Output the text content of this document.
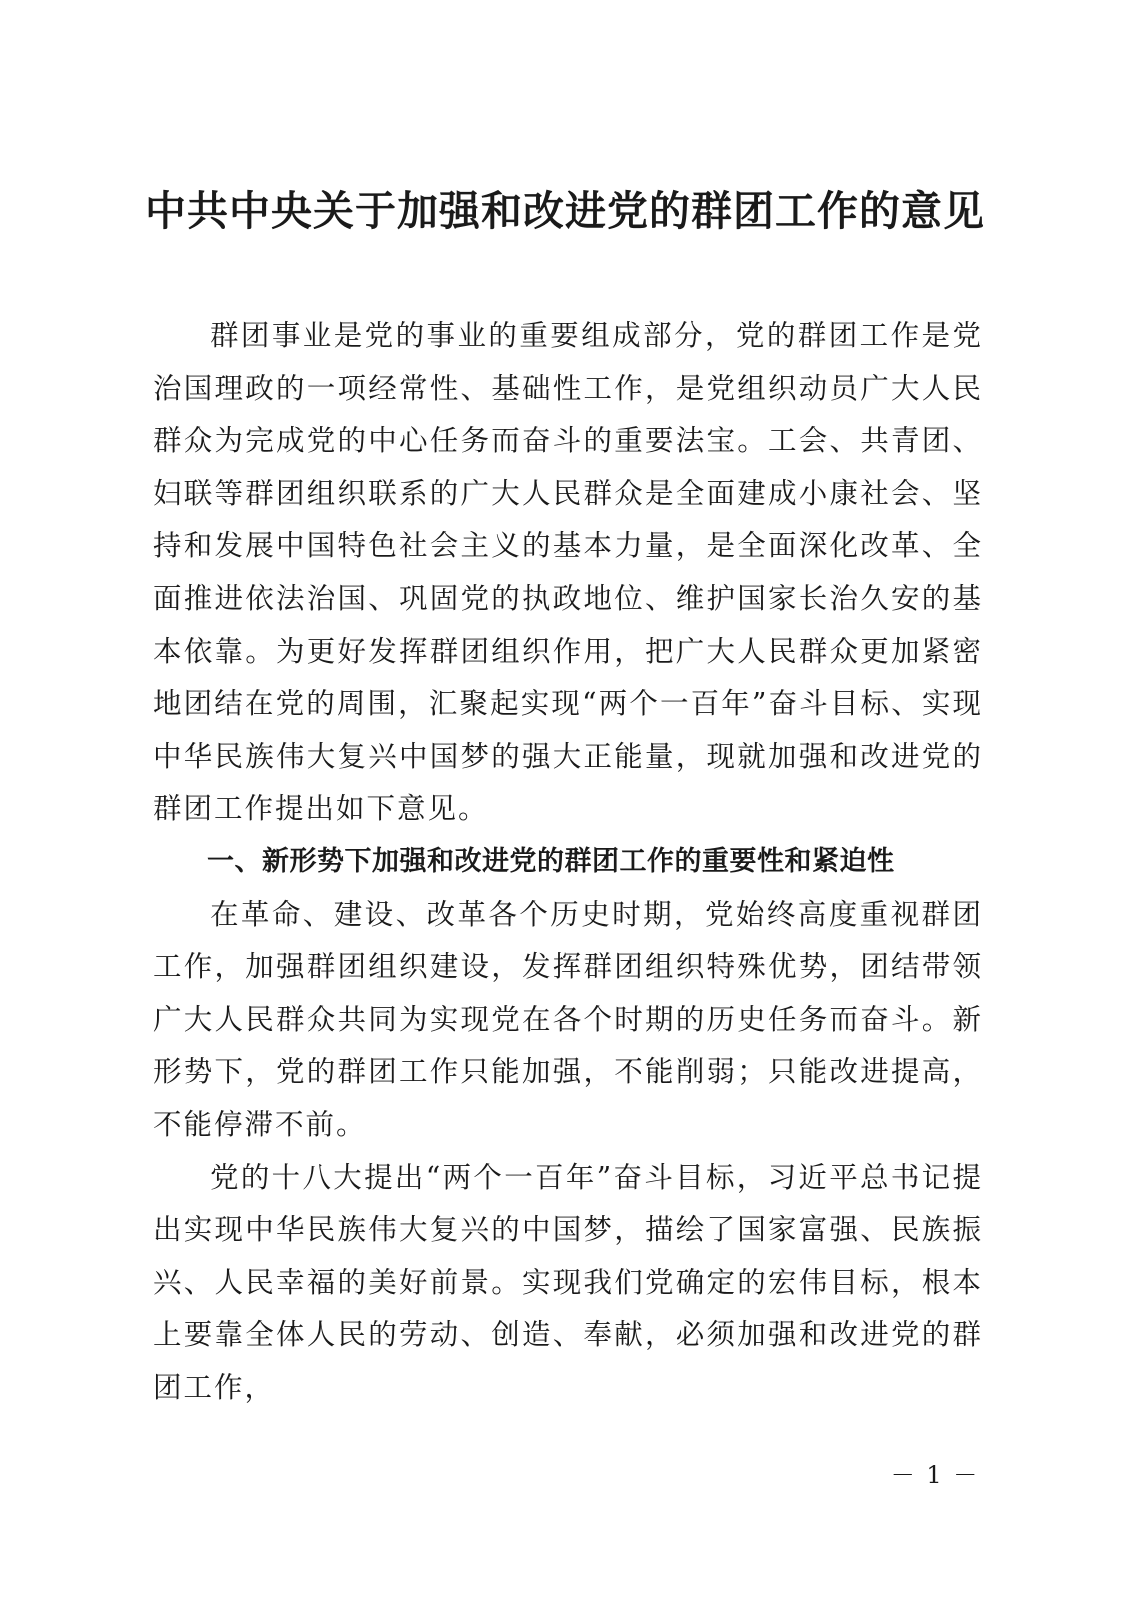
中共中央关于加强和改进党的群团工作的意见

群团事业是党的事业的重要组成部分，党的群团工作是党治国理政的一项经常性、基础性工作，是党组织动员广大人民群众为完成党的中心任务而奋斗的重要法宝。工会、共青团、妇联等群团组织联系的广大人民群众是全面建成小康社会、坚持和发展中国特色社会主义的基本力量，是全面深化改革、全面推进依法治国、巩固党的执政地位、维护国家长治久安的基本依靠。为更好发挥群团组织作用，把广大人民群众更加紧密地团结在党的周围，汇聚起实现“两个一百年”奋斗目标、实现中华民族伟大复兴中国梦的强大正能量，现就加强和改进党的群团工作提出如下意见。

一、新形势下加强和改进党的群团工作的重要性和紧迫性

在革命、建设、改革各个历史时期，党始终高度重视群团工作，加强群团组织建设，发挥群团组织特殊优势，团结带领广大人民群众共同为实现党在各个时期的历史任务而奋斗。新形势下，党的群团工作只能加强，不能削弱；只能改进提高，不能停滞不前。

党的十八大提出“两个一百年”奋斗目标，习近平总书记提出实现中华民族伟大复兴的中国梦，描绘了国家富强、民族振兴、人民幸福的美好前景。实现我们党确定的宏伟目标，根本上要靠全体人民的劳动、创造、奉献，必须加强和改进党的群团工作，

－ 1 －
